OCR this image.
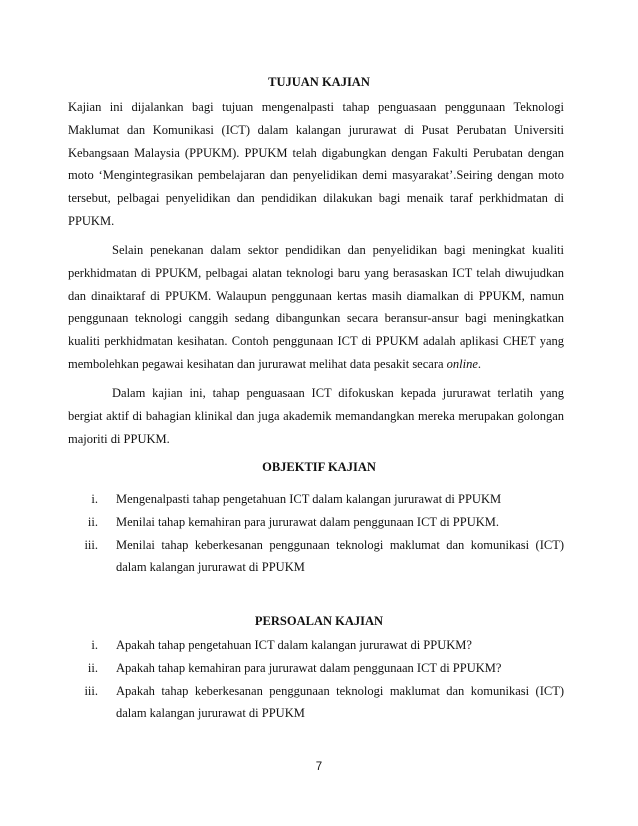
TUJUAN KAJIAN

Kajian ini dijalankan bagi tujuan mengenalpasti tahap penguasaan penggunaan Teknologi Maklumat dan Komunikasi (ICT) dalam kalangan jururawat di Pusat Perubatan Universiti Kebangsaan Malaysia (PPUKM). PPUKM telah digabungkan dengan Fakulti Perubatan dengan moto ‘Mengintegrasikan pembelajaran dan penyelidikan demi masyarakat’.Seiring dengan moto tersebut, pelbagai penyelidikan dan pendidikan dilakukan bagi menaik taraf perkhidmatan di PPUKM.

Selain penekanan dalam sektor pendidikan dan penyelidikan bagi meningkat kualiti perkhidmatan di PPUKM, pelbagai alatan teknologi baru yang berasaskan ICT telah diwujudkan dan dinaiktaraf di PPUKM. Walaupun penggunaan kertas masih diamalkan di PPUKM, namun penggunaan teknologi canggih sedang dibangunkan secara beransur-ansur bagi meningkatkan kualiti perkhidmatan kesihatan. Contoh penggunaan ICT di PPUKM adalah aplikasi CHET yang membolehkan pegawai kesihatan dan jururawat melihat data pesakit secara online.

Dalam kajian ini, tahap penguasaan ICT difokuskan kepada jururawat terlatih yang bergiat aktif di bahagian klinikal dan juga akademik memandangkan mereka merupakan golongan majoriti di PPUKM.

OBJEKTIF KAJIAN
i. Mengenalpasti tahap pengetahuan ICT dalam kalangan jururawat di PPUKM
ii. Menilai tahap kemahiran para jururawat dalam penggunaan ICT di PPUKM.
iii. Menilai tahap keberkesanan penggunaan teknologi maklumat dan komunikasi (ICT) dalam kalangan jururawat di PPUKM
PERSOALAN KAJIAN
i. Apakah tahap pengetahuan ICT dalam kalangan jururawat di PPUKM?
ii. Apakah tahap kemahiran para jururawat dalam penggunaan ICT di PPUKM?
iii. Apakah tahap keberkesanan penggunaan teknologi maklumat dan komunikasi (ICT) dalam kalangan jururawat di PPUKM
7
